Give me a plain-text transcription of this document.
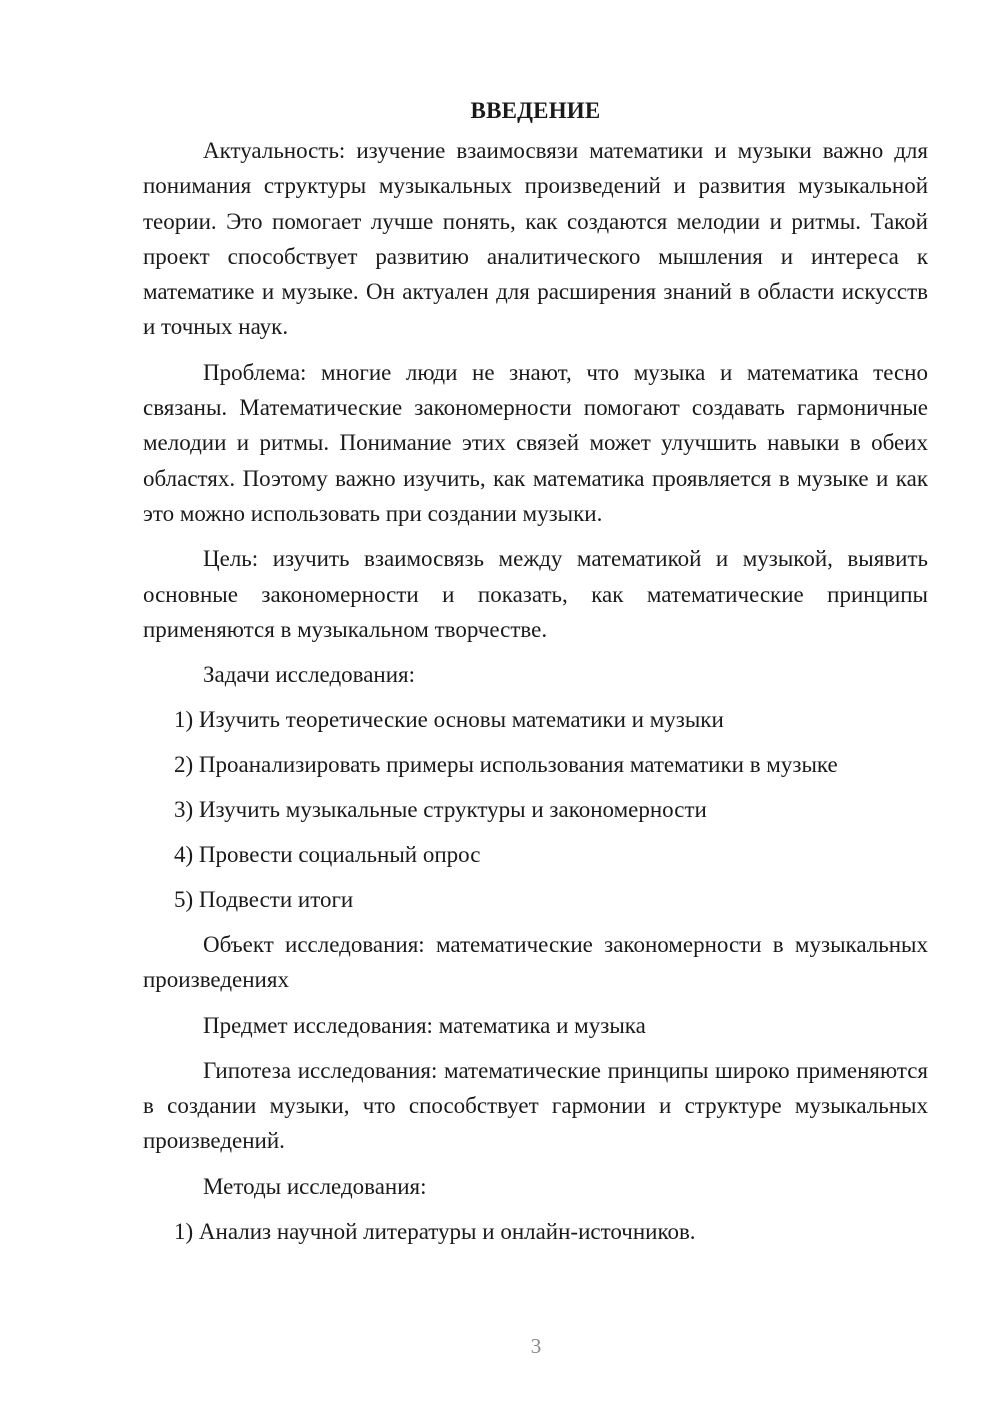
ВВЕДЕНИЕ

Актуальность: изучение взаимосвязи математики и музыки важно для понимания структуры музыкальных произведений и развития музыкальной теории. Это помогает лучше понять, как создаются мелодии и ритмы. Такой проект способствует развитию аналитического мышления и интереса к математике и музыке. Он актуален для расширения знаний в области искусств и точных наук.

Проблема: многие люди не знают, что музыка и математика тесно связаны. Математические закономерности помогают создавать гармоничные мелодии и ритмы. Понимание этих связей может улучшить навыки в обеих областях. Поэтому важно изучить, как математика проявляется в музыке и как это можно использовать при создании музыки.

Цель: изучить взаимосвязь между математикой и музыкой, выявить основные закономерности и показать, как математические принципы применяются в музыкальном творчестве.

Задачи исследования:
1) Изучить теоретические основы математики и музыки
2) Проанализировать примеры использования математики в музыке
3) Изучить музыкальные структуры и закономерности
4) Провести социальный опрос
5) Подвести итоги

Объект исследования: математические закономерности в музыкальных произведениях

Предмет исследования: математика и музыка

Гипотеза исследования: математические принципы широко применяются в создании музыки, что способствует гармонии и структуре музыкальных произведений.

Методы исследования:
1) Анализ научной литературы и онлайн-источников.
3
